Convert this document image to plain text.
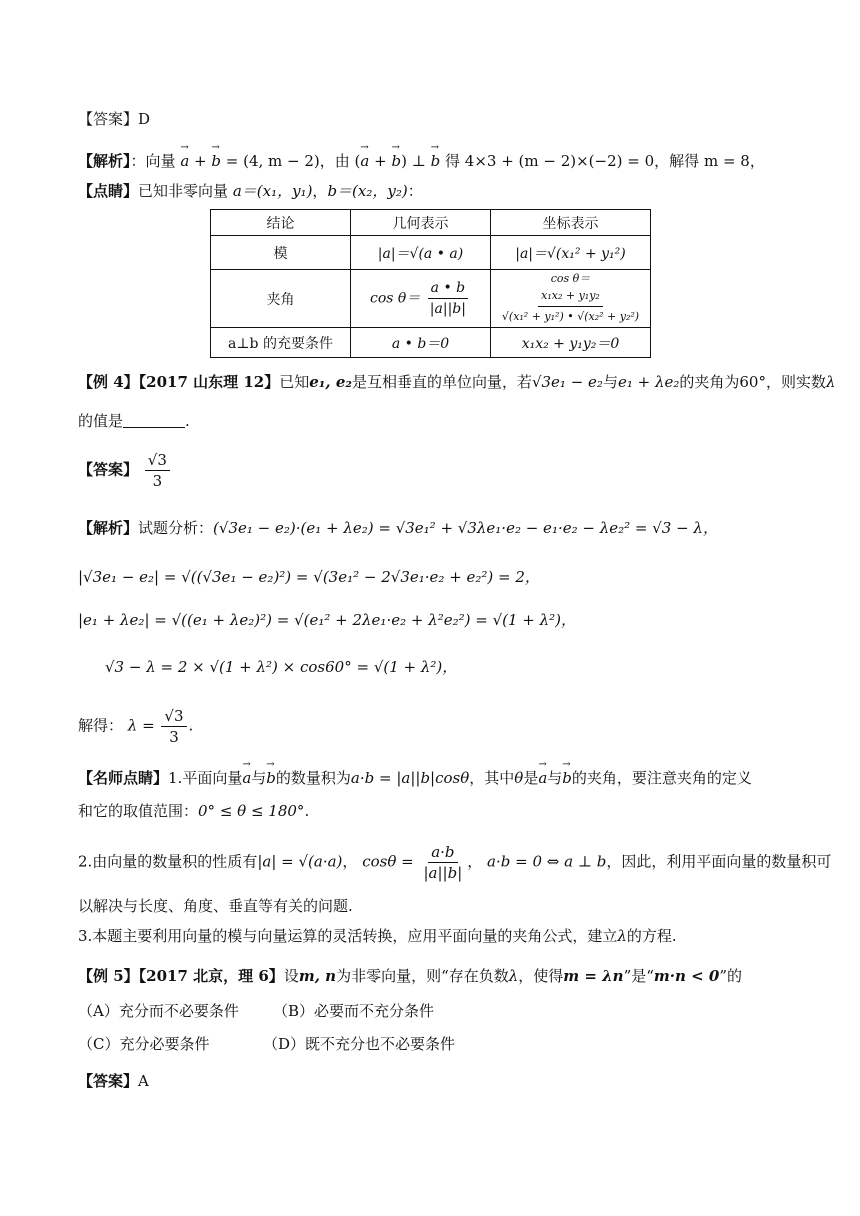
【答案】D
【解析】：向量 → a + → b = (4, m − 2)，由 (→ a + → b) ⊥ → b 得 4×3 + (m − 2)×(−2) = 0，解得 m = 8，
【点睛】已知非零向量 a＝(x₁，y₁)，b＝(x₂，y₂)：
结论	几何表示	坐标表示
模	|a|＝√(a • a)	|a|＝√(x₁² + y₁²)
夹角	$\cos \theta= \frac{a • b}{|a||b|}$	cos θ＝
$\frac{\text{x₁x₂ + y₁y₂}}{\text{√(x₁² + y₁²) • √(x₂² + y₂²)}}$

a⊥b 的充要条件	a • b＝0	x₁x₂ + y₁y₂＝0
【例 4】【2017 山东理 12】已知e₁, e₂是互相垂直的单位向量，若√3e₁ − e₂与e₁ + λe₂的夹角为60°，则实数λ
的值是	.
【答案】 $\frac{√3}{3}$
【解析】试题分析：(√3e₁ − e₂)·(e₁ + λe₂) = √3e₁² + √3λe₁·e₂ − e₁·e₂ − λe₂² = √3 − λ，
|√3e₁ − e₂| = √((√3e₁ − e₂)²) = √(3e₁² − 2√3e₁·e₂ + e₂²) = 2，
|e₁ + λe₂| = √((e₁ + λe₂)²) = √(e₁² + 2λe₁·e₂ + λ²e₂²) = √(1 + λ²)，
√3 − λ = 2 × √(1 + λ²) × cos60° = √(1 + λ²)，
解得： $\lambda = \frac{√3}{3}$ .
【名师点睛】1.平面向量→ a与→ b的数量积为a·b = |a||b|cosθ，其中θ是→ a与→ b的夹角，要注意夹角的定义
和它的取值范围：0° ≤ θ ≤ 180°.
2.由向量的数量积的性质有|a| = √(a·a)， $\cos\theta = \frac{a\cdot b}{|a||b|}$ ， a·b = 0 ⇔ a ⊥ b，因此，利用平面向量的数量积可
以解决与长度、角度、垂直等有关的问题.
3.本题主要利用向量的模与向量运算的灵活转换，应用平面向量的夹角公式，建立λ的方程.
【例 5】【2017 北京，理 6】设m, n为非零向量，则“存在负数λ，使得m = λn”是“m·n < 0”的
（A）充分而不必要条件 （B）必要而不充分条件
（C）充分必要条件	（D）既不充分也不必要条件
【答案】A
